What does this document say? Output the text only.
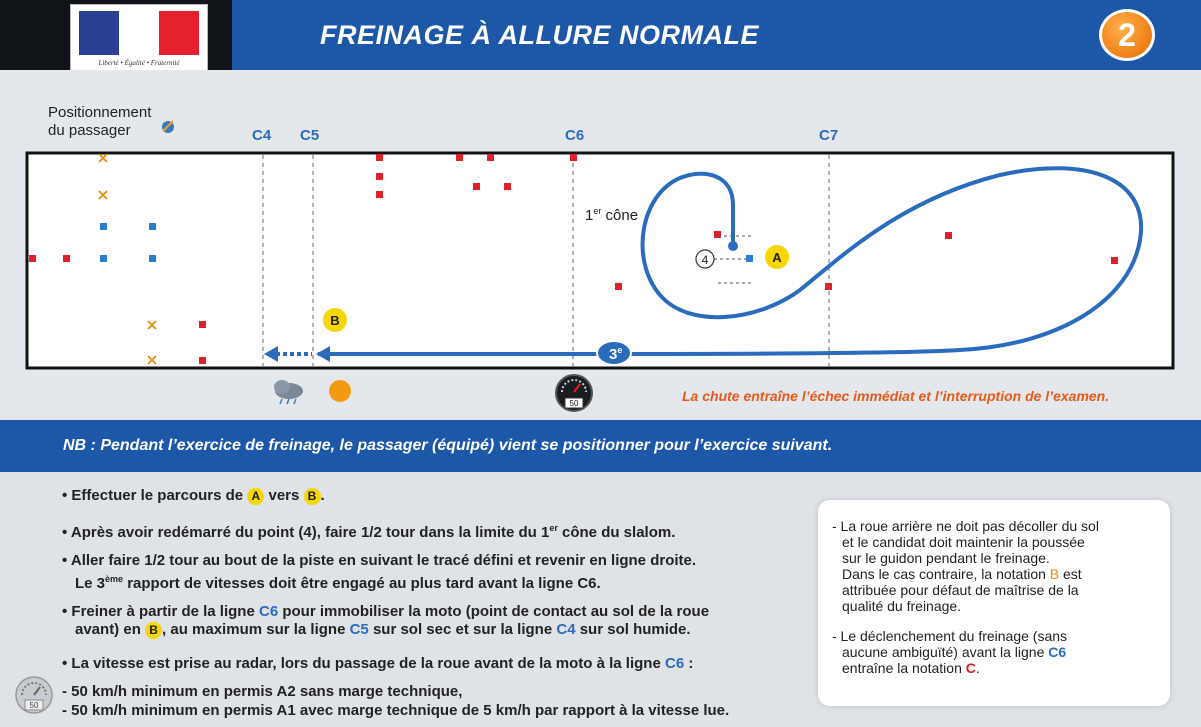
Liberté • Égalité • Fraternité
FREINAGE À ALLURE NORMALE	2
Positionnement
du passager	C4 C5	C6	C7
4	A
B
1er cône
3e
50	La chute entraîne l’échec immédiat et l’interruption de l’examen.
NB : Pendant l’exercice de freinage, le passager (équipé) vient se positionner pour l’exercice suivant.
• Effectuer le parcours de A vers B .
• Après avoir redémarré du point (4), faire 1/2 tour dans la limite du 1er cône du slalom.
• Aller faire 1/2 tour au bout de la piste en suivant le tracé défini et revenir en ligne droite.
Le 3ème rapport de vitesses doit être engagé au plus tard avant la ligne C6.
• Freiner à partir de la ligne C6 pour immobiliser la moto (point de contact au sol de la roue
avant) en B , au maximum sur la ligne C5 sur sol sec et sur la ligne C4 sur sol humide.
• La vitesse est prise au radar, lors du passage de la roue avant de la moto à la ligne C6 :
50
- 50 km/h minimum en permis A2 sans marge technique,
- 50 km/h minimum en permis A1 avec marge technique de 5 km/h par rapport à la vitesse lue.
- La roue arrière ne doit pas décoller du sol
et le candidat doit maintenir la poussée
sur le guidon pendant le freinage.
Dans le cas contraire, la notation B est
attribuée pour défaut de maîtrise de la
qualité du freinage.
- Le déclenchement du freinage (sans
aucune ambiguïté) avant la ligne C6
entraîne la notation C.
